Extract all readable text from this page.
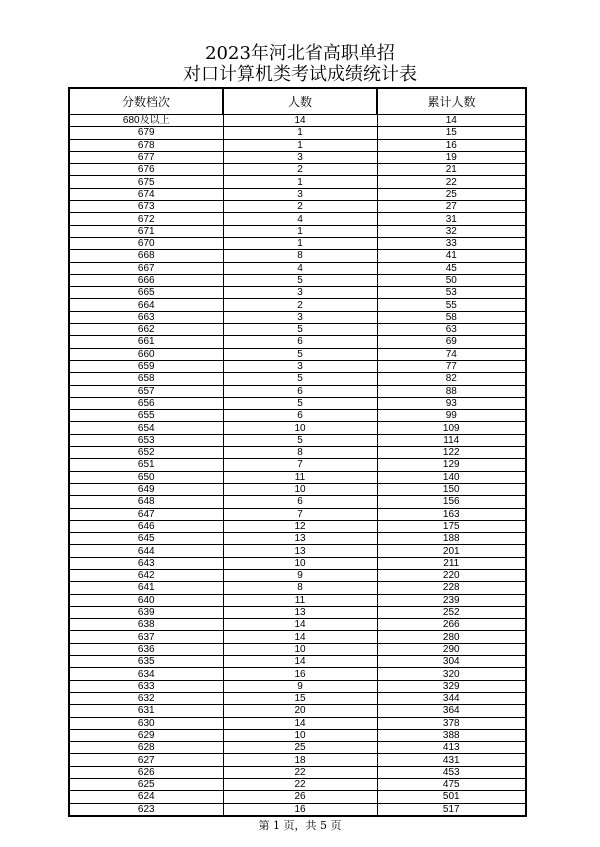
2023年河北省高职单招
对口计算机类考试成绩统计表
分数档次	人数	累计人数
680及以上	14	14
679	1	15
678	1	16
677	3	19
676	2	21
675	1	22
674	3	25
673	2	27
672	4	31
671	1	32
670	1	33
668	8	41
667	4	45
666	5	50
665	3	53
664	2	55
663	3	58
662	5	63
661	6	69
660	5	74
659	3	77
658	5	82
657	6	88
656	5	93
655	6	99
654	10	109
653	5	114
652	8	122
651	7	129
650	11	140
649	10	150
648	6	156
647	7	163
646	12	175
645	13	188
644	13	201
643	10	211
642	9	220
641	8	228
640	11	239
639	13	252
638	14	266
637	14	280
636	10	290
635	14	304
634	16	320
633	9	329
632	15	344
631	20	364
630	14	378
629	10	388
628	25	413
627	18	431
626	22	453
625	22	475
624	26	501
623	16	517
第 1 页，共 5 页
